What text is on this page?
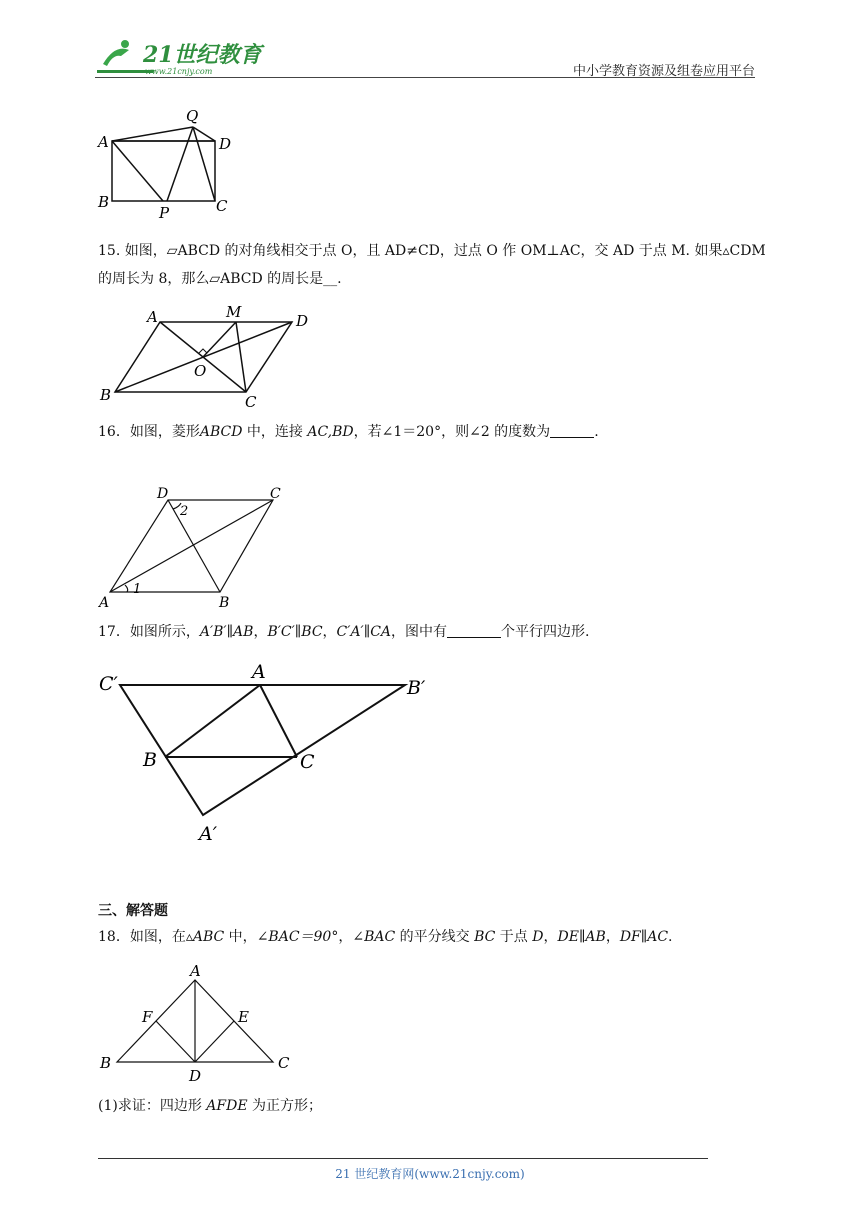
21世纪教育
www.21cnjy.com	中小学教育资源及组卷应用平台
A
Q
D
B
P	C
15. 如图，▱ABCD 的对角线相交于点 O，且 AD≠CD，过点 O 作 OM⊥AC，交 AD 于点 M. 如果▵CDM
的周长为 8，那么▱ABCD 的周长是__.
A	M	D
O
B	C
16．如图，菱形ABCD 中，连接 AC,BD，若∠1＝20°，则∠2 的度数为	.
D	C
2
A
1
B
17．如图所示，A′B′∥AB，B′C′∥BC，C′A′∥CA，图中有	个平行四边形.
C′
A
B′
B	C
A′
三、解答题
18．如图，在▵ABC 中，∠BAC＝90°，∠BAC 的平分线交 BC 于点 D，DE∥AB，DF∥AC.
A
F	E
B
D
C
(1)求证：四边形 AFDE 为正方形；
21 世纪教育网(www.21cnjy.com)
